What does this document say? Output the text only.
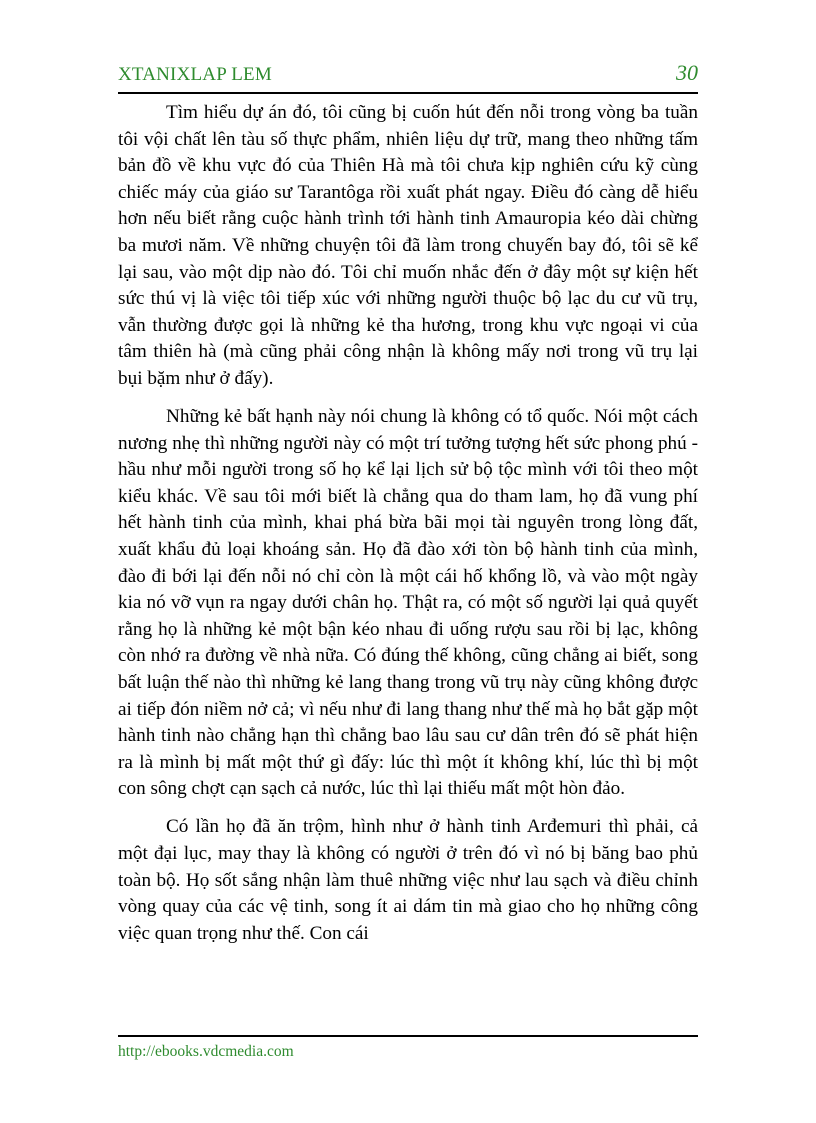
XTANIXLAP LEM	30

Tìm hiểu dự án đó, tôi cũng bị cuốn hút đến nỗi trong vòng ba tuần tôi vội chất lên tàu số thực phẩm, nhiên liệu dự trữ, mang theo những tấm bản đồ về khu vực đó của Thiên Hà mà tôi chưa kịp nghiên cứu kỹ cùng chiếc máy của giáo sư Tarantôga rồi xuất phát ngay. Điều đó càng dễ hiểu hơn nếu biết rằng cuộc hành trình tới hành tinh Amauropia kéo dài chừng ba mươi năm. Về những chuyện tôi đã làm trong chuyến bay đó, tôi sẽ kể lại sau, vào một dịp nào đó. Tôi chỉ muốn nhắc đến ở đây một sự kiện hết sức thú vị là việc tôi tiếp xúc với những người thuộc bộ lạc du cư vũ trụ, vẫn thường được gọi là những kẻ tha hương, trong khu vực ngoại vi của tâm thiên hà (mà cũng phải công nhận là không mấy nơi trong vũ trụ lại bụi bặm như ở đấy).

Những kẻ bất hạnh này nói chung là không có tổ quốc. Nói một cách nương nhẹ thì những người này có một trí tưởng tượng hết sức phong phú - hầu như mỗi người trong số họ kể lại lịch sử bộ tộc mình với tôi theo một kiểu khác. Về sau tôi mới biết là chẳng qua do tham lam, họ đã vung phí hết hành tinh của mình, khai phá bừa bãi mọi tài nguyên trong lòng đất, xuất khẩu đủ loại khoáng sản. Họ đã đào xới tòn bộ hành tinh của mình, đào đi bới lại đến nỗi nó chỉ còn là một cái hố khổng lồ, và vào một ngày kia nó vỡ vụn ra ngay dưới chân họ. Thật ra, có một số người lại quả quyết rằng họ là những kẻ một bận kéo nhau đi uống rượu sau rồi bị lạc, không còn nhớ ra đường về nhà nữa. Có đúng thế không, cũng chẳng ai biết, song bất luận thế nào thì những kẻ lang thang trong vũ trụ này cũng không được ai tiếp đón niềm nở cả; vì nếu như đi lang thang như thế mà họ bắt gặp một hành tinh nào chẳng hạn thì chẳng bao lâu sau cư dân trên đó sẽ phát hiện ra là mình bị mất một thứ gì đấy: lúc thì một ít không khí, lúc thì bị một con sông chợt cạn sạch cả nước, lúc thì lại thiếu mất một hòn đảo.

Có lần họ đã ăn trộm, hình như ở hành tinh Arđemuri thì phải, cả một đại lục, may thay là không có người ở trên đó vì nó bị băng bao phủ toàn bộ. Họ sốt sắng nhận làm thuê những việc như lau sạch và điều chỉnh vòng quay của các vệ tinh, song ít ai dám tin mà giao cho họ những công việc quan trọng như thế. Con cái

http://ebooks.vdcmedia.com
